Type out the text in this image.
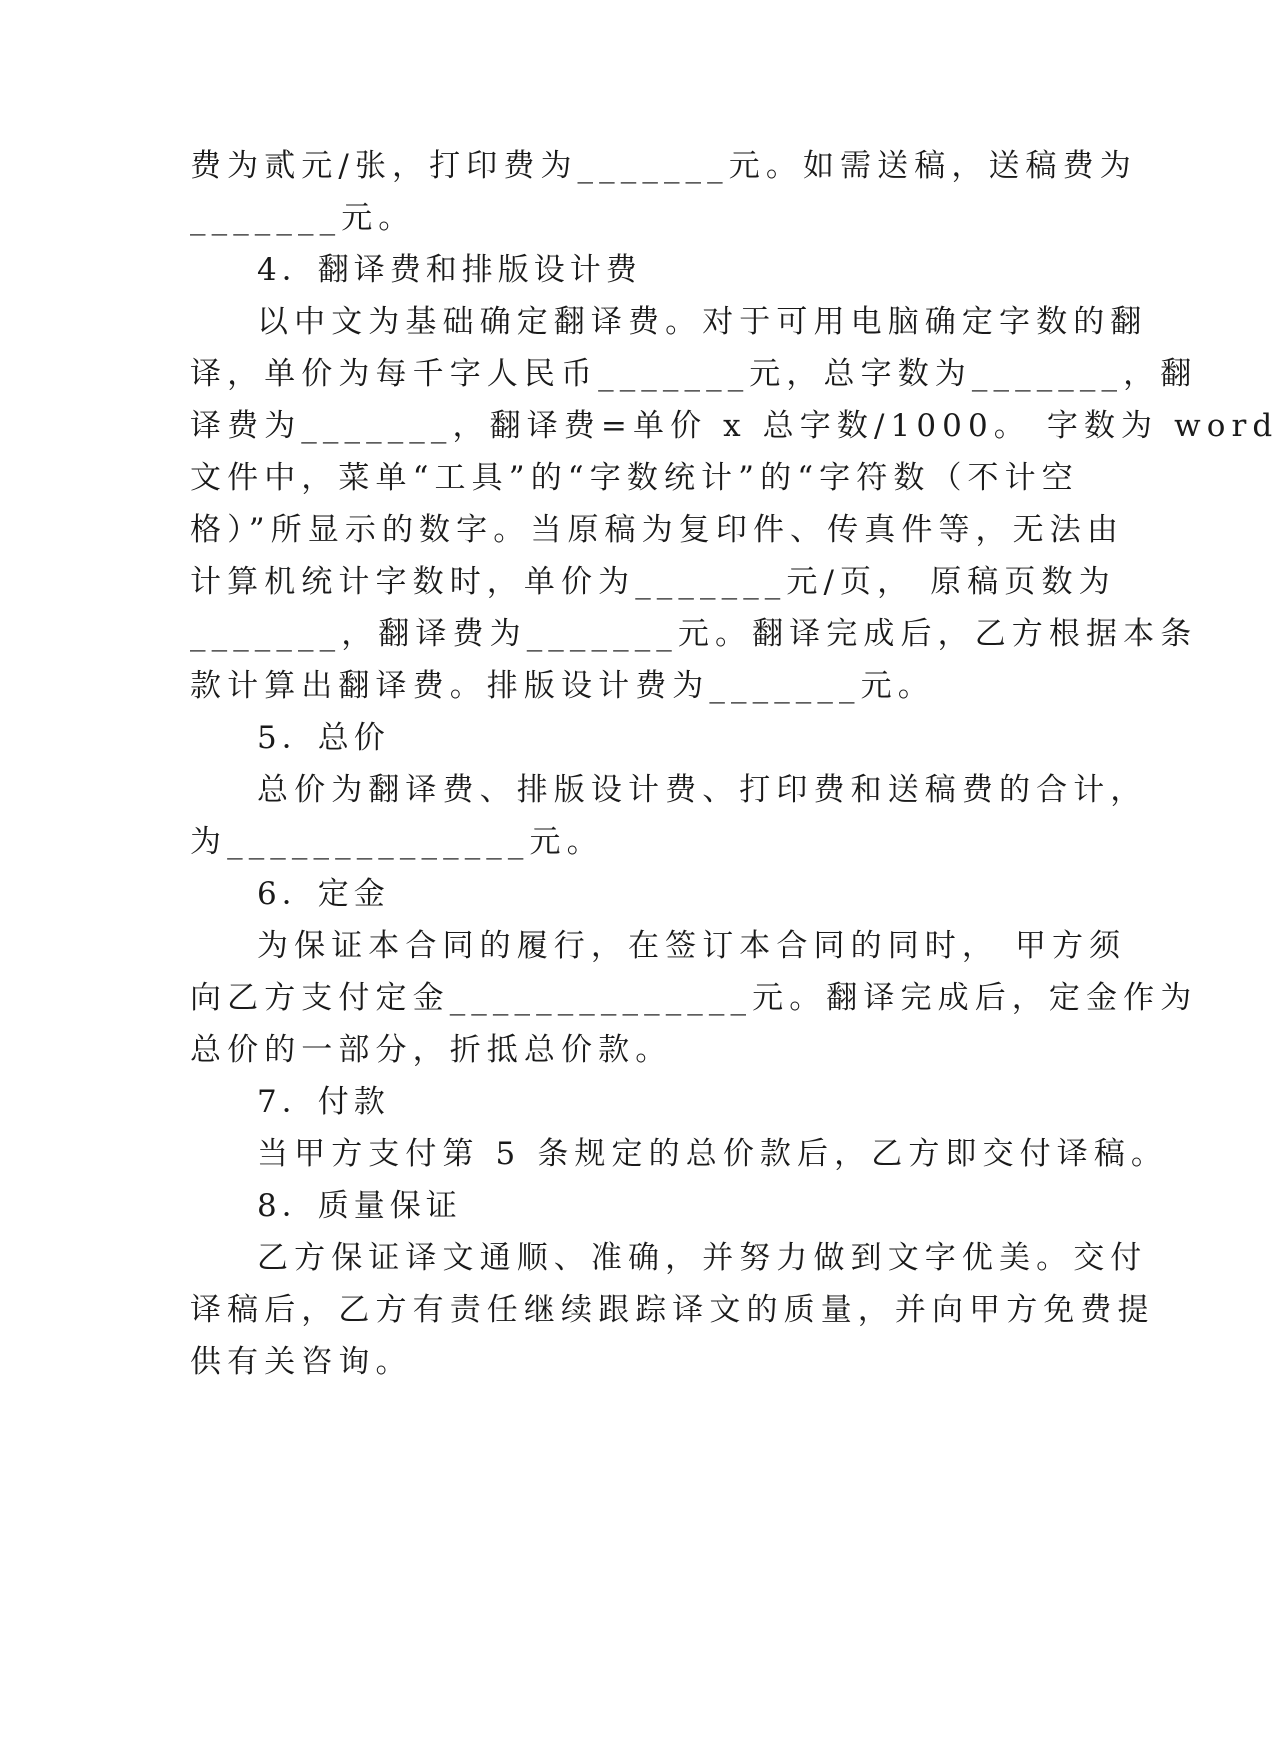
费为贰元/张，打印费为_______元。如需送稿，送稿费为
_______元。
4．翻译费和排版设计费
以中文为基础确定翻译费。对于可用电脑确定字数的翻
译，单价为每千字人民币_______元，总字数为_______，翻
译费为_______，翻译费=单价 x 总字数/1000。 字数为 word
文件中，菜单“工具”的“字数统计”的“字符数（不计空
格）”所显示的数字。当原稿为复印件、传真件等，无法由
计算机统计字数时，单价为_______元/页， 原稿页数为
_______，翻译费为_______元。翻译完成后，乙方根据本条
款计算出翻译费。排版设计费为_______元。
5．总价
总价为翻译费、排版设计费、打印费和送稿费的合计，
为______________元。
6．定金
为保证本合同的履行，在签订本合同的同时， 甲方须
向乙方支付定金______________元。翻译完成后，定金作为
总价的一部分，折抵总价款。
7．付款
当甲方支付第 5 条规定的总价款后，乙方即交付译稿。
8．质量保证
乙方保证译文通顺、准确，并努力做到文字优美。交付
译稿后，乙方有责任继续跟踪译文的质量，并向甲方免费提
供有关咨询。
